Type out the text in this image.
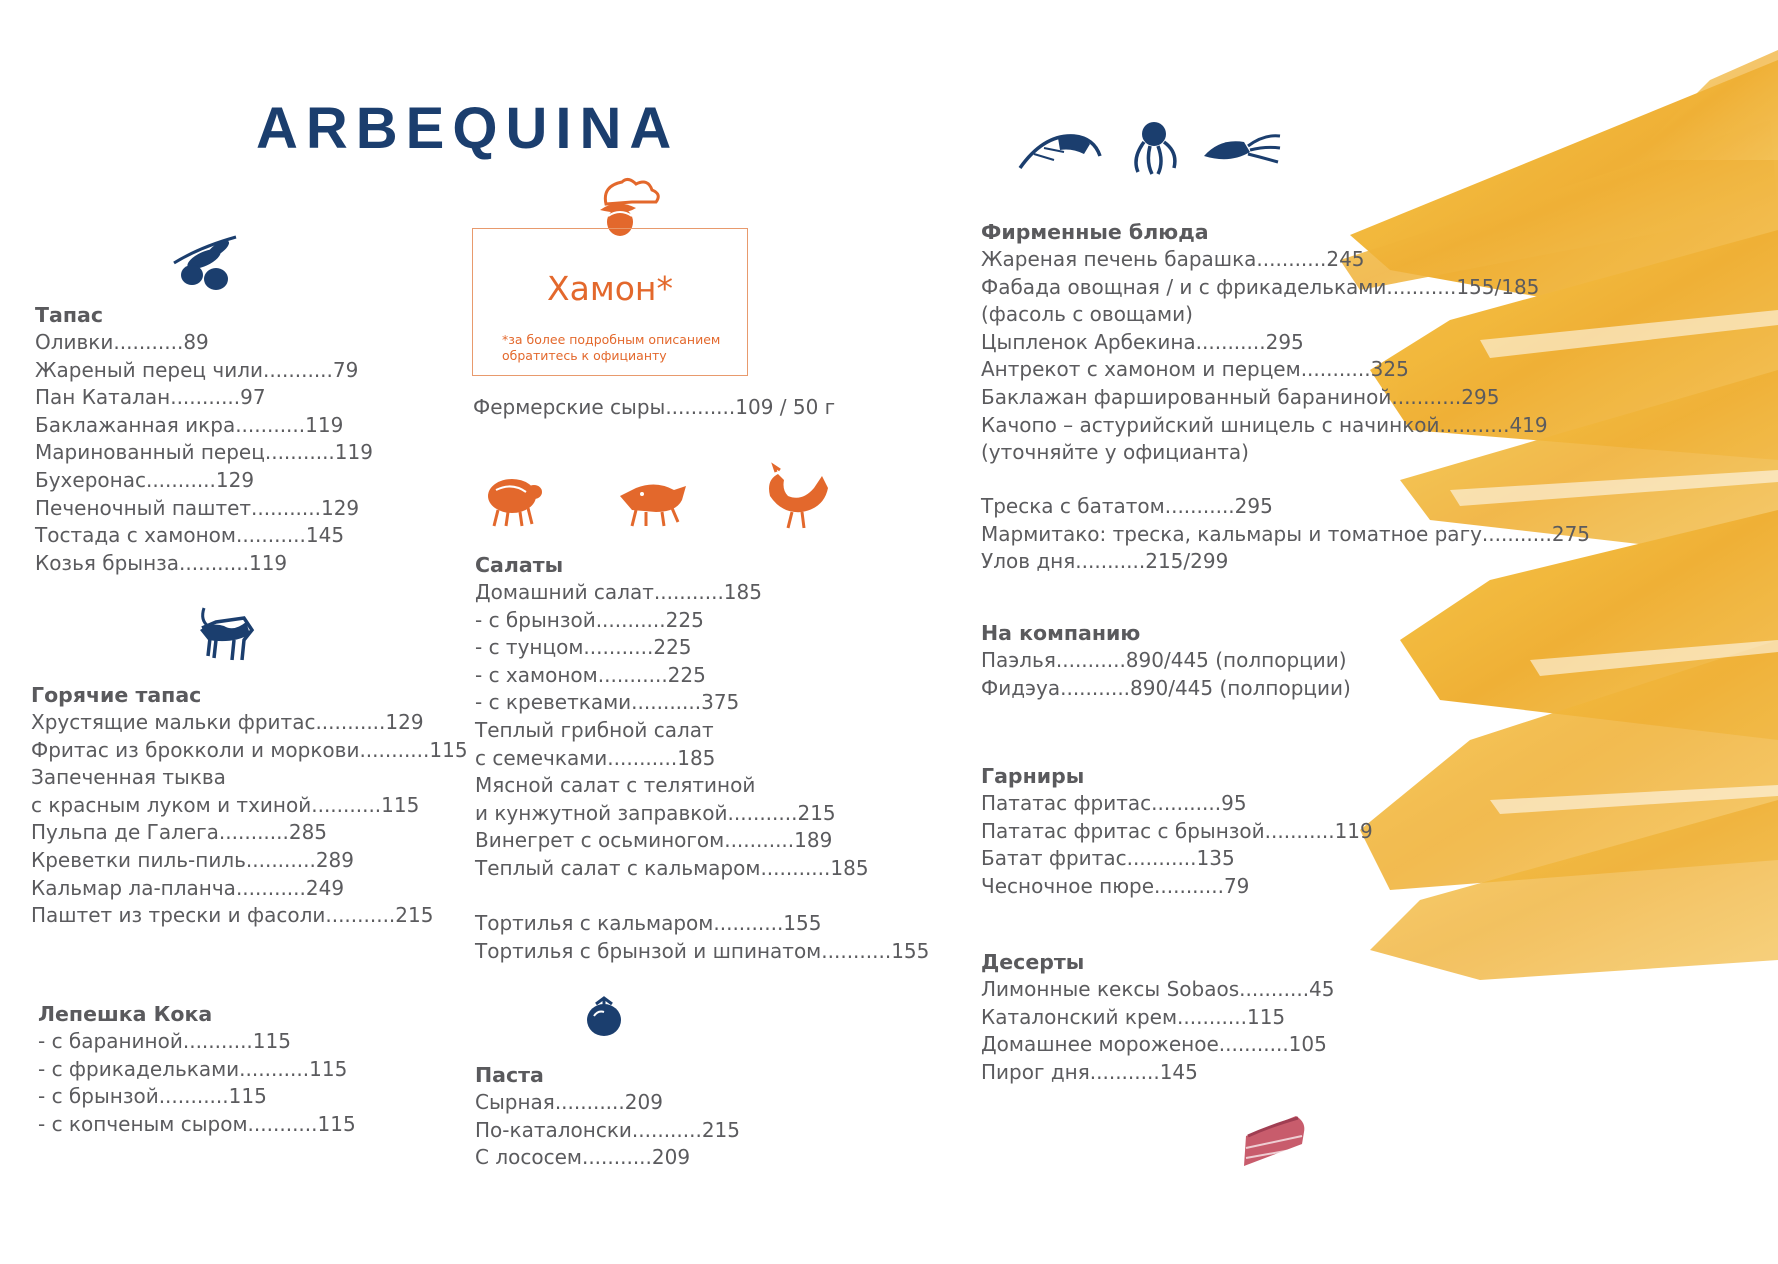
ARBEQUINA
Тапас
Оливки...........89
Жареный перец чили...........79
Пан Каталан...........97
Баклажанная икра...........119
Маринованный перец...........119
Бухеронас...........129
Печеночный паштет...........129
Тостада с хамоном...........145
Козья брынза...........119
Горячие тапас
Хрустящие мальки фритас...........129
Фритас из брокколи и моркови...........115
Запеченная тыква
с красным луком и тхиной...........115
Пульпа де Галега...........285
Креветки пиль-пиль...........289
Кальмар ла-планча...........249
Паштет из трески и фасоли...........215
Лепешка Кока
- с бараниной...........115
- с фрикадельками...........115
- с брынзой...........115
- с копченым сыром...........115
Хамон*
*за более подробным описанием
обратитесь к официанту
Фермерские сыры...........109 / 50 г
Салаты
Домашний салат...........185
- с брынзой...........225
- с тунцом...........225
- с хамоном...........225
- с креветками...........375
Теплый грибной салат
с семечками...........185
Мясной салат с телятиной
и кунжутной заправкой...........215
Винегрет с осьминогом...........189
Теплый салат с кальмаром...........185
Тортилья с кальмаром...........155
Тортилья с брынзой и шпинатом...........155
Паста
Сырная...........209
По-каталонски...........215
С лососем...........209
Фирменные блюда
Жареная печень барашка...........245
Фабада овощная / и с фрикадельками...........155/185
(фасоль с овощами)
Цыпленок Арбекина...........295
Антрекот с хамоном и перцем...........325
Баклажан фаршированный бараниной...........295
Качопо – астурийский шницель с начинкой...........419
(уточняйте у официанта)
Треска с бататом...........295
Мармитако: треска, кальмары и томатное рагу...........275
Улов дня...........215/299
На компанию
Паэлья...........890/445 (полпорции)
Фидэуа...........890/445 (полпорции)
Гарниры
Пататас фритас...........95
Пататас фритас с брынзой...........119
Батат фритас...........135
Чесночное пюре...........79
Десерты
Лимонные кексы Sobaos...........45
Каталонский крем...........115
Домашнее мороженое...........105
Пирог дня...........145
